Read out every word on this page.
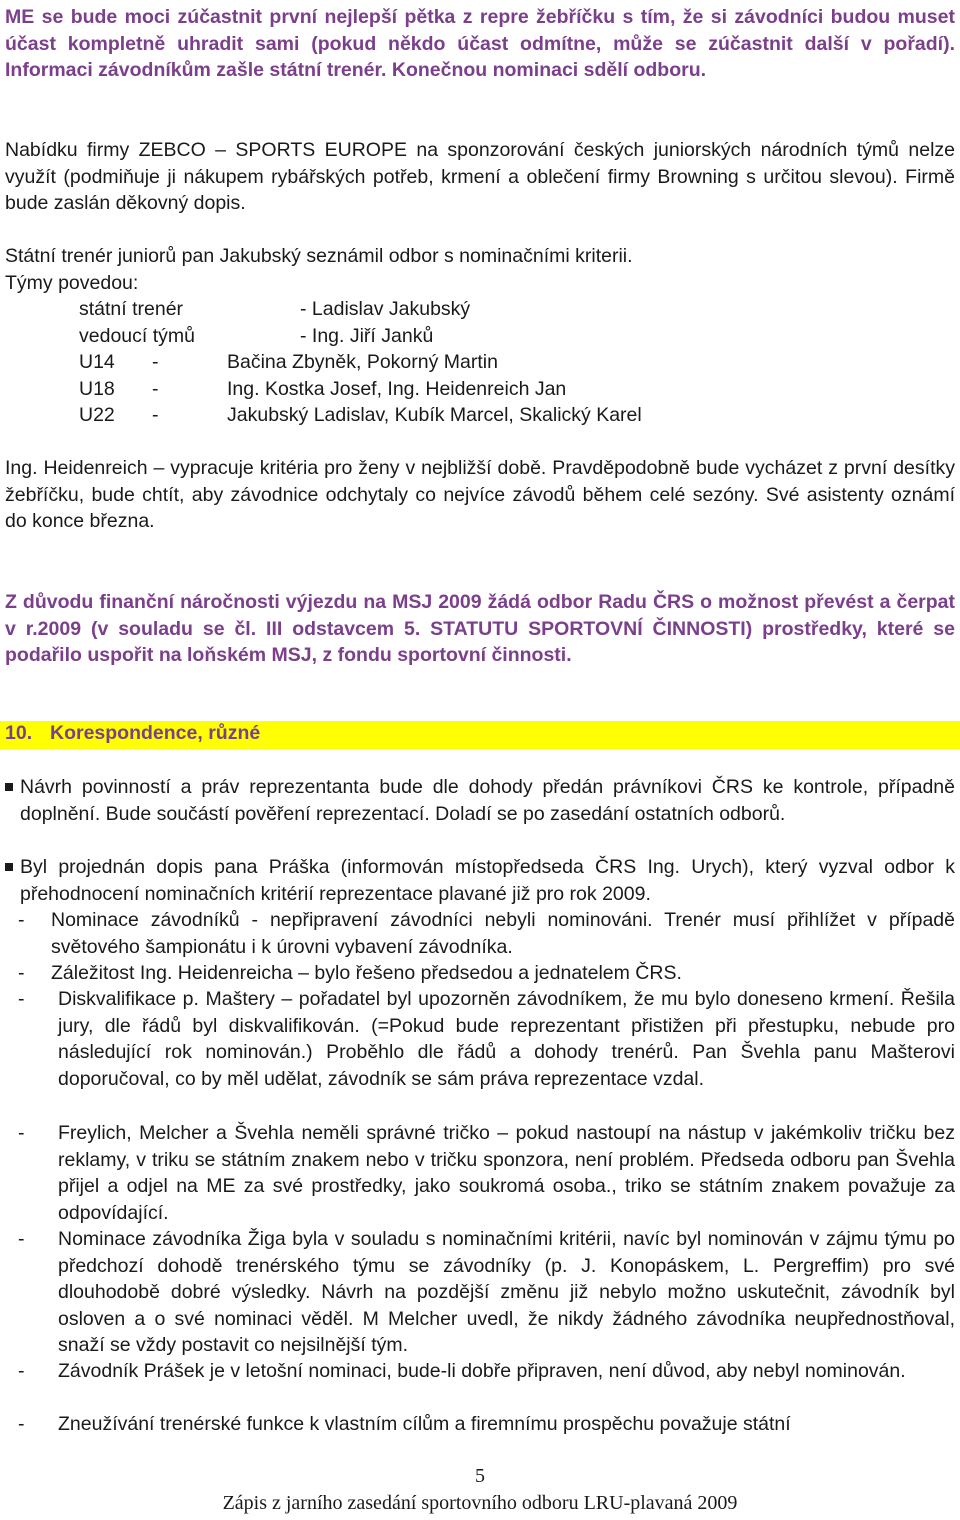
ME se bude moci zúčastnit první nejlepší pětka z repre žebříčku s tím, že si závodníci budou muset účast kompletně uhradit sami (pokud někdo účast odmítne, může se zúčastnit další v pořadí). Informaci závodníkům zašle státní trenér. Konečnou nominaci sdělí odboru.

Nabídku firmy ZEBCO – SPORTS EUROPE na sponzorování českých juniorských národních týmů nelze využít (podmiňuje ji nákupem rybářských potřeb, krmení a oblečení firmy Browning s určitou slevou). Firmě bude zaslán děkovný dopis.

Státní trenér juniorů pan Jakubský seznámil odbor s nominačními kriterii.

Týmy povedou:

státní trenér	- Ladislav Jakubský
vedoucí týmů	- Ing. Jiří Janků
U14 -	Bačina Zbyněk, Pokorný Martin
U18 -	Ing. Kostka Josef, Ing. Heidenreich Jan
U22 -	Jakubský Ladislav, Kubík Marcel, Skalický Karel

Ing. Heidenreich – vypracuje kritéria pro ženy v nejbližší době. Pravděpodobně bude vycházet z první desítky žebříčku, bude chtít, aby závodnice odchytaly co nejvíce závodů během celé sezóny. Své asistenty oznámí do konce března.

Z důvodu finanční náročnosti výjezdu na MSJ 2009 žádá odbor Radu ČRS o možnost převést a čerpat v r.2009 (v souladu se čl. III odstavcem 5. STATUTU SPORTOVNÍ ČINNOSTI) prostředky, které se podařilo uspořit na loňském MSJ, z fondu sportovní činnosti.

10. Korespondence, různé
Návrh povinností a práv reprezentanta bude dle dohody předán právníkovi ČRS ke kontrole, případně doplnění. Bude součástí pověření reprezentací. Doladí se po zasedání ostatních odborů.
Byl projednán dopis pana Práška (informován místopředseda ČRS Ing. Urych), který vyzval odbor k přehodnocení nominačních kritérií reprezentace plavané již pro rok 2009.
- Nominace závodníků - nepřipravení závodníci nebyli nominováni. Trenér musí přihlížet v případě světového šampionátu i k úrovni vybavení závodníka.
- Záležitost Ing. Heidenreicha – bylo řešeno předsedou a jednatelem ČRS.
- Diskvalifikace p. Maštery – pořadatel byl upozorněn závodníkem, že mu bylo doneseno krmení. Řešila jury, dle řádů byl diskvalifikován. (=Pokud bude reprezentant přistižen při přestupku, nebude pro následující rok nominován.) Proběhlo dle řádů a dohody trenérů. Pan Švehla panu Mašterovi doporučoval, co by měl udělat, závodník se sám práva reprezentace vzdal.
- Freylich, Melcher a Švehla neměli správné tričko – pokud nastoupí na nástup v jakémkoliv tričku bez reklamy, v triku se státním znakem nebo v tričku sponzora, není problém. Předseda odboru pan Švehla přijel a odjel na ME za své prostředky, jako soukromá osoba., triko se státním znakem považuje za odpovídající.
- Nominace závodníka Žiga byla v souladu s nominačními kritérii, navíc byl nominován v zájmu týmu po předchozí dohodě trenérského týmu se závodníky (p. J. Konopáskem, L. Pergreffim) pro své dlouhodobě dobré výsledky. Návrh na pozdější změnu již nebylo možno uskutečnit, závodník byl osloven a o své nominaci věděl. M Melcher uvedl, že nikdy žádného závodníka neupřednostňoval, snaží se vždy postavit co nejsilnější tým.
- Závodník Prášek je v letošní nominaci, bude-li dobře připraven, není důvod, aby nebyl nominován.
- Zneužívání trenérské funkce k vlastním cílům a firemnímu prospěchu považuje státní
5
Zápis z jarního zasedání sportovního odboru LRU-plavaná 2009
